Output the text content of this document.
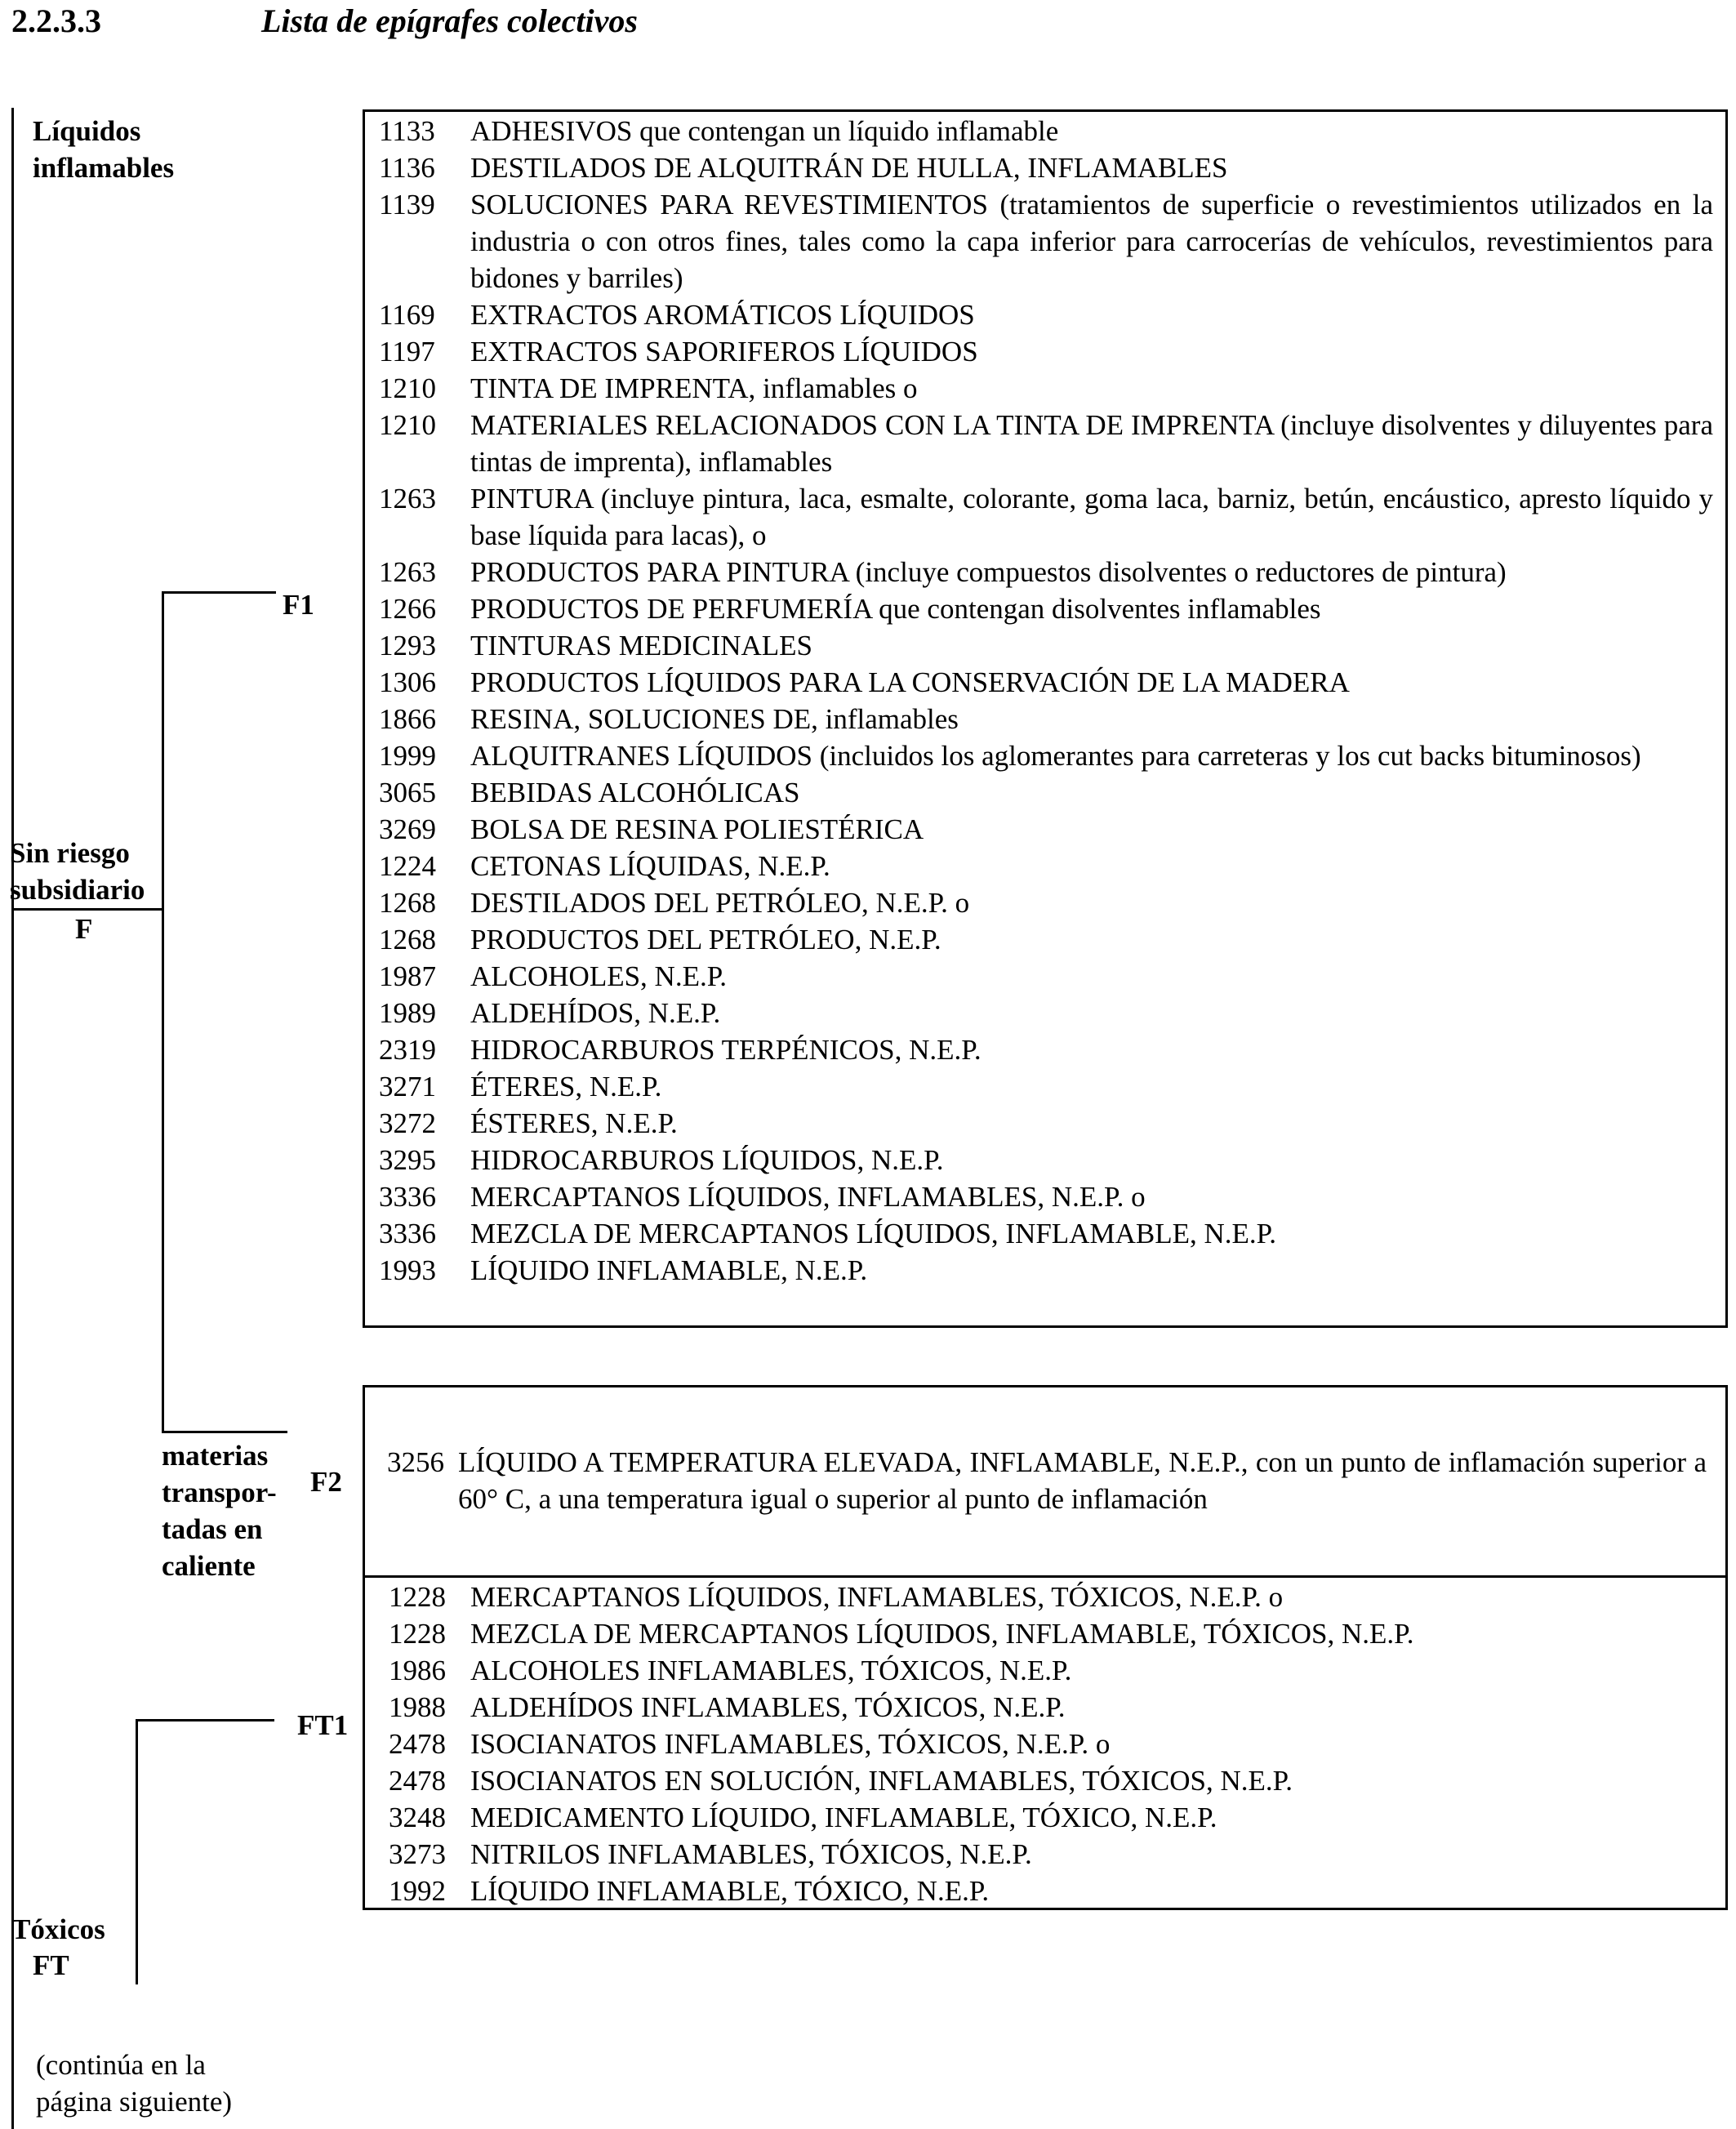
2.2.3.3	Lista de epígrafes colectivos
Líquidos
inflamables
Sin riesgo
subsidiario
F
F1
materias
transpor-
tadas en
caliente
F2
FT1
Tóxicos
FT
(continúa en la
página siguiente)
1133	ADHESIVOS que contengan un líquido inflamable
1136	DESTILADOS DE ALQUITRÁN DE HULLA, INFLAMABLES
1139	SOLUCIONES PARA REVESTIMIENTOS (tratamientos de superficie o revestimientos utilizados en la industria o con otros fines, tales como la capa inferior para carrocerías de vehículos, revestimientos para bidones y barriles)
1169	EXTRACTOS AROMÁTICOS LÍQUIDOS
1197	EXTRACTOS SAPORIFEROS LÍQUIDOS
1210	TINTA DE IMPRENTA, inflamables o
1210	MATERIALES RELACIONADOS CON LA TINTA DE IMPRENTA (incluye disolventes y diluyentes para tintas de imprenta), inflamables
1263	PINTURA (incluye pintura, laca, esmalte, colorante, goma laca, barniz, betún, encáustico, apresto líquido y base líquida para lacas), o
1263	PRODUCTOS PARA PINTURA (incluye compuestos disolventes o reductores de pintura)
1266	PRODUCTOS DE PERFUMERÍA que contengan disolventes inflamables
1293	TINTURAS MEDICINALES
1306	PRODUCTOS LÍQUIDOS PARA LA CONSERVACIÓN DE LA MADERA
1866	RESINA, SOLUCIONES DE, inflamables
1999	ALQUITRANES LÍQUIDOS (incluidos los aglomerantes para carreteras y los cut backs bituminosos)
3065	BEBIDAS ALCOHÓLICAS
3269	BOLSA DE RESINA POLIESTÉRICA
1224	CETONAS LÍQUIDAS, N.E.P.
1268	DESTILADOS DEL PETRÓLEO, N.E.P. o
1268	PRODUCTOS DEL PETRÓLEO, N.E.P.
1987	ALCOHOLES, N.E.P.
1989	ALDEHÍDOS, N.E.P.
2319	HIDROCARBUROS TERPÉNICOS, N.E.P.
3271	ÉTERES, N.E.P.
3272	ÉSTERES, N.E.P.
3295	HIDROCARBUROS LÍQUIDOS, N.E.P.
3336	MERCAPTANOS LÍQUIDOS, INFLAMABLES, N.E.P. o
3336	MEZCLA DE MERCAPTANOS LÍQUIDOS, INFLAMABLE, N.E.P.
1993	LÍQUIDO INFLAMABLE, N.E.P.
3256 LÍQUIDO A TEMPERATURA ELEVADA, INFLAMABLE, N.E.P., con un punto de inflamación superior a 60° C, a una temperatura igual o superior al punto de inflamación
1228 MERCAPTANOS LÍQUIDOS, INFLAMABLES, TÓXICOS, N.E.P. o
1228 MEZCLA DE MERCAPTANOS LÍQUIDOS, INFLAMABLE, TÓXICOS, N.E.P.
1986 ALCOHOLES INFLAMABLES, TÓXICOS, N.E.P.
1988 ALDEHÍDOS INFLAMABLES, TÓXICOS, N.E.P.
2478 ISOCIANATOS INFLAMABLES, TÓXICOS, N.E.P. o
2478 ISOCIANATOS EN SOLUCIÓN, INFLAMABLES, TÓXICOS, N.E.P.
3248 MEDICAMENTO LÍQUIDO, INFLAMABLE, TÓXICO, N.E.P.
3273 NITRILOS INFLAMABLES, TÓXICOS, N.E.P.
1992 LÍQUIDO INFLAMABLE, TÓXICO, N.E.P.
